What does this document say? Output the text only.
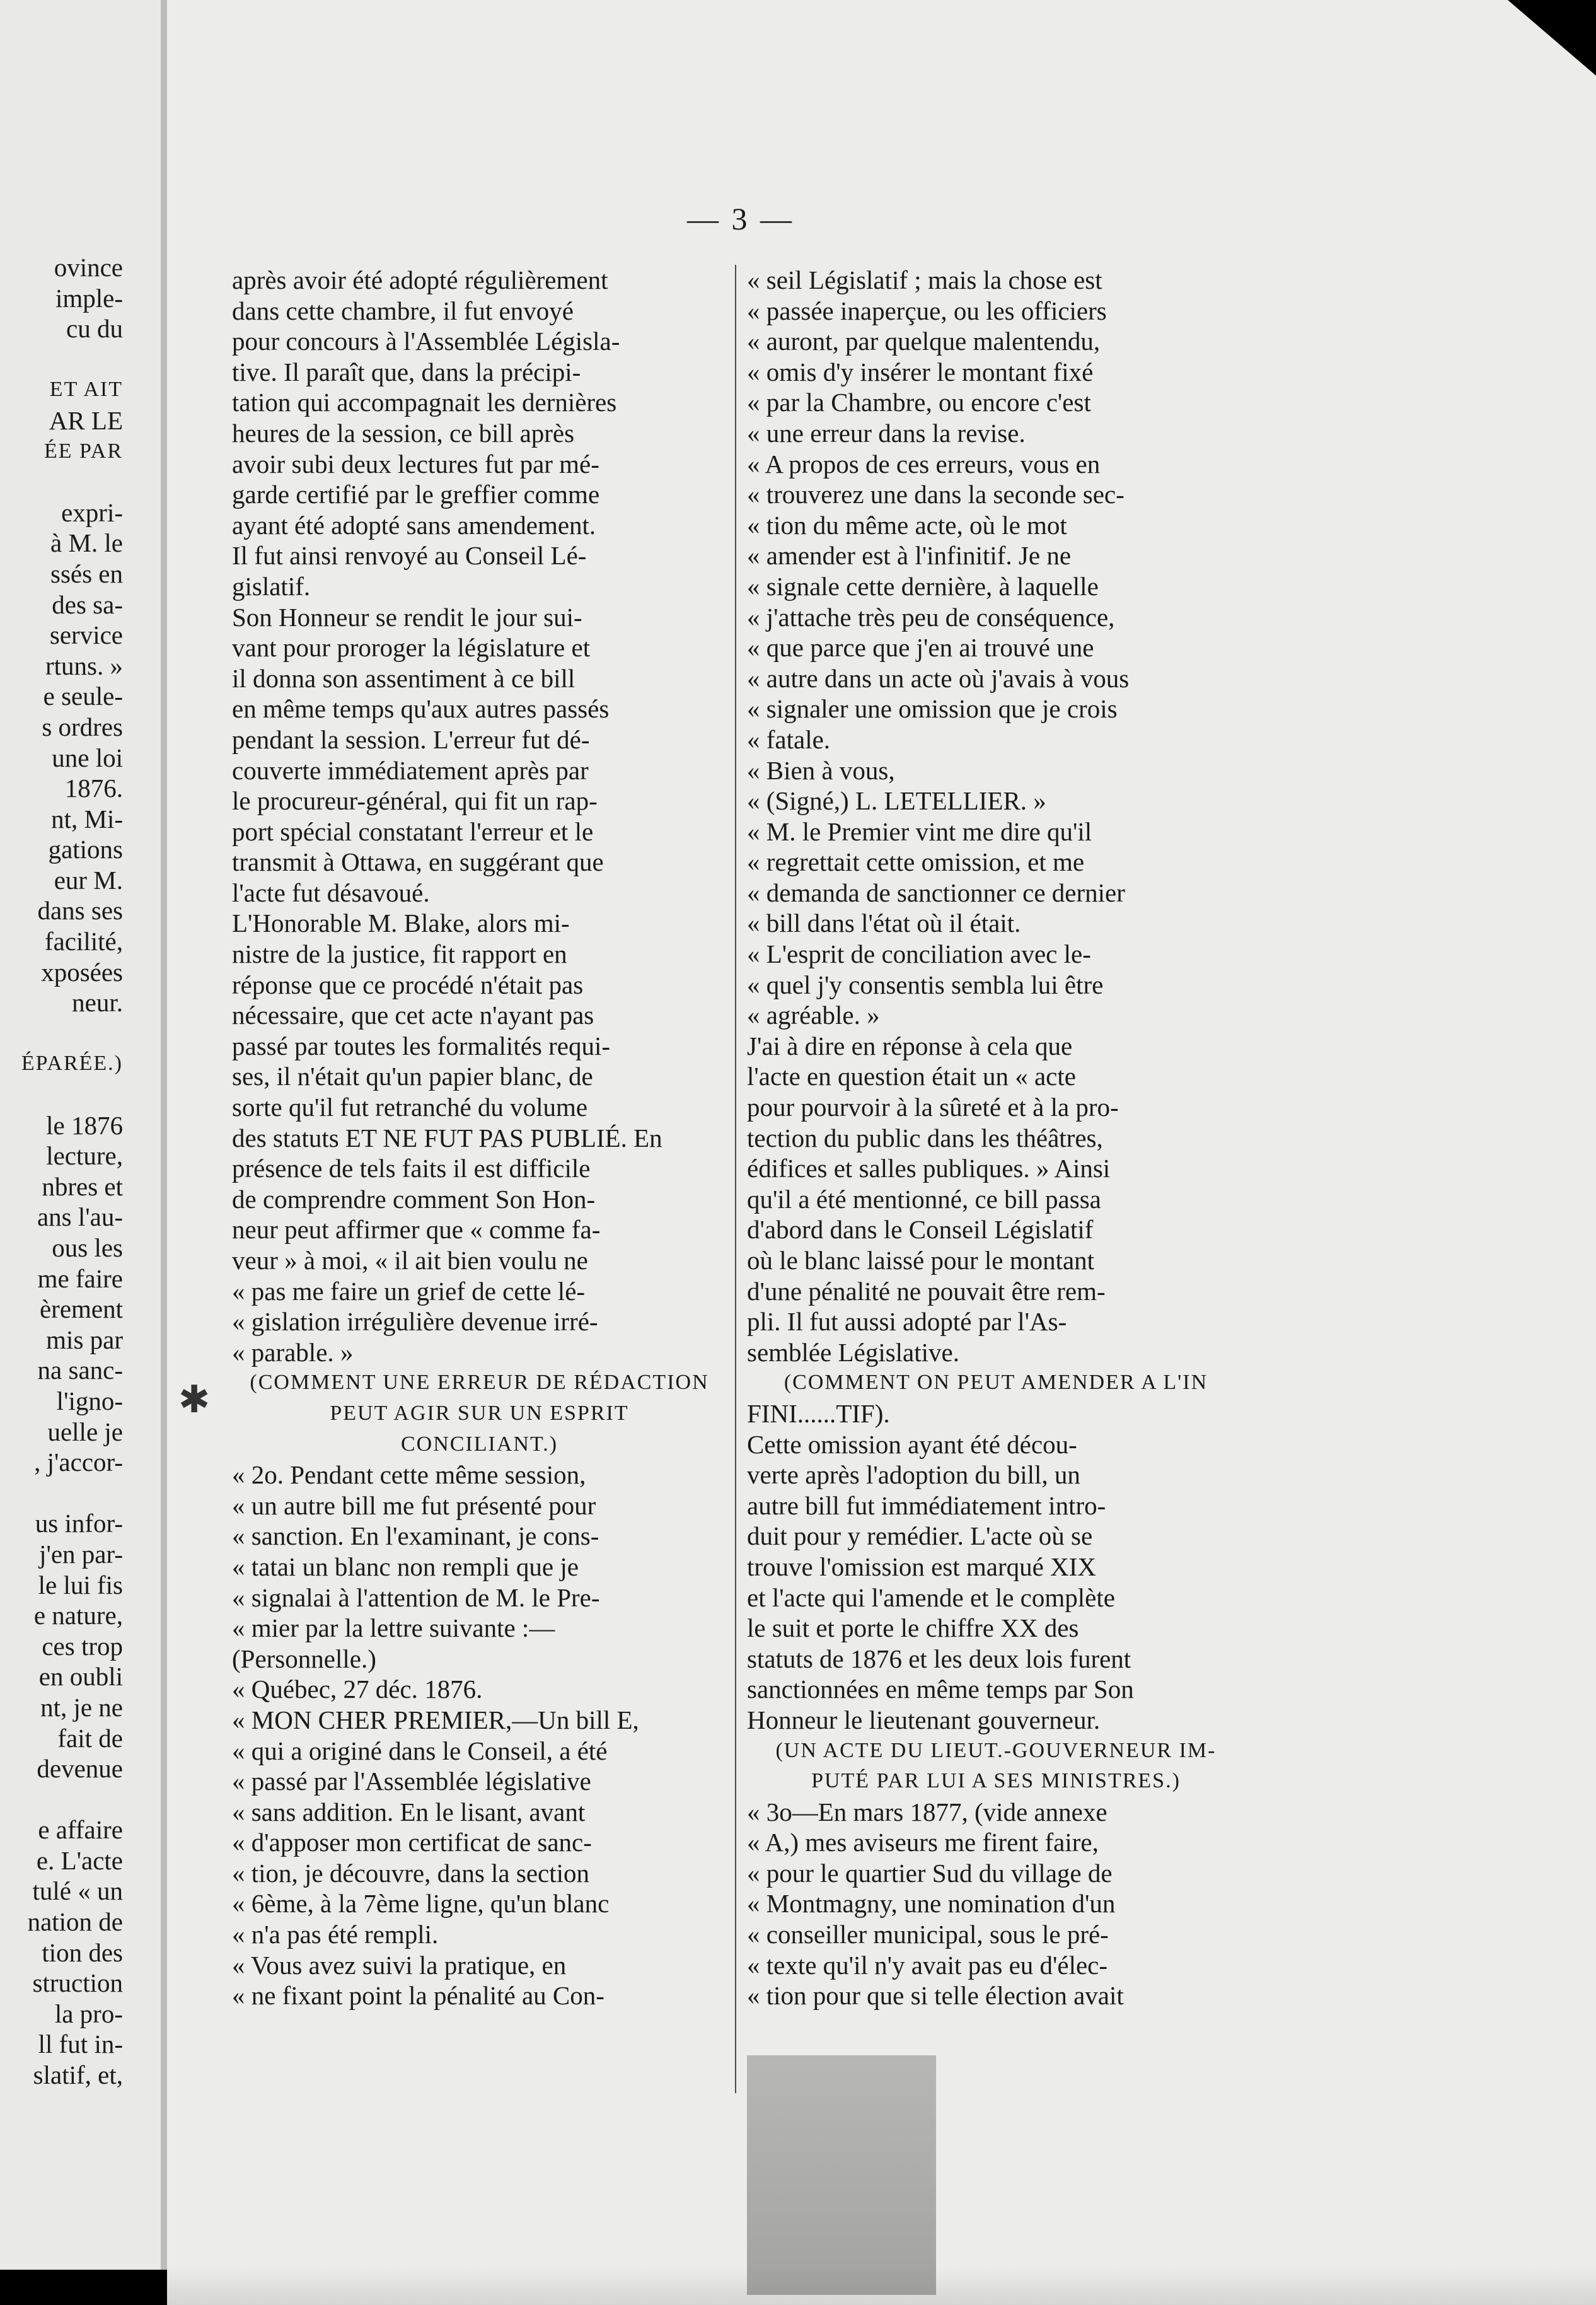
ovince
imple-
cu du

ET AIT
AR LE
ÉE PAR

expri-
à M. le
ssés en
des sa-
service
rtuns. »
e seule-
s ordres
une loi
1876.
nt, Mi-
gations
eur M.
dans ses
facilité,
xposées
neur.

ÉPARÉE.)

le 1876
lecture,
nbres et
ans l'au-
ous les
me faire
èrement
mis par
na sanc-
l'igno-
uelle je
, j'accor-

us infor-
j'en par-
le lui fis
e nature,
ces trop
en oubli
nt, je ne
fait de
devenue

e affaire
e. L'acte
tulé « un
nation de
tion des
struction
la pro-
ll fut in-
slatif, et,
— 3 —
après avoir été adopté régulièrement
dans cette chambre, il fut envoyé
pour concours à l'Assemblée Législa-
tive. Il paraît que, dans la précipi-
tation qui accompagnait les dernières
heures de la session, ce bill après
avoir subi deux lectures fut par mé-
garde certifié par le greffier comme
ayant été adopté sans amendement.
Il fut ainsi renvoyé au Conseil Lé-
gislatif.
Son Honneur se rendit le jour sui-
vant pour proroger la législature et
il donna son assentiment à ce bill
en même temps qu'aux autres passés
pendant la session. L'erreur fut dé-
couverte immédiatement après par
le procureur-général, qui fit un rap-
port spécial constatant l'erreur et le
transmit à Ottawa, en suggérant que
l'acte fut désavoué.
L'Honorable M. Blake, alors mi-
nistre de la justice, fit rapport en
réponse que ce procédé n'était pas
nécessaire, que cet acte n'ayant pas
passé par toutes les formalités requi-
ses, il n'était qu'un papier blanc, de
sorte qu'il fut retranché du volume
des statuts ET NE FUT PAS PUBLIÉ. En
présence de tels faits il est difficile
de comprendre comment Son Hon-
neur peut affirmer que « comme fa-
veur » à moi, « il ait bien voulu ne
« pas me faire un grief de cette lé-
« gislation irrégulière devenue irré-
« parable. »
(COMMENT UNE ERREUR DE RÉDACTION
PEUT AGIR SUR UN ESPRIT
CONCILIANT.)
« 2o. Pendant cette même session,
« un autre bill me fut présenté pour
« sanction. En l'examinant, je cons-
« tatai un blanc non rempli que je
« signalai à l'attention de M. le Pre-
« mier par la lettre suivante :—
(Personnelle.)
« Québec, 27 déc. 1876.
« MON CHER PREMIER,—Un bill E,
« qui a originé dans le Conseil, a été
« passé par l'Assemblée législative
« sans addition. En le lisant, avant
« d'apposer mon certificat de sanc-
« tion, je découvre, dans la section
« 6ème, à la 7ème ligne, qu'un blanc
« n'a pas été rempli.
« Vous avez suivi la pratique, en
« ne fixant point la pénalité au Con-
« seil Législatif ; mais la chose est
« passée inaperçue, ou les officiers
« auront, par quelque malentendu,
« omis d'y insérer le montant fixé
« par la Chambre, ou encore c'est
« une erreur dans la revise.
« A propos de ces erreurs, vous en
« trouverez une dans la seconde sec-
« tion du même acte, où le mot
« amender est à l'infinitif. Je ne
« signale cette dernière, à laquelle
« j'attache très peu de conséquence,
« que parce que j'en ai trouvé une
« autre dans un acte où j'avais à vous
« signaler une omission que je crois
« fatale.
« Bien à vous,
« (Signé,) L. LETELLIER. »
« M. le Premier vint me dire qu'il
« regrettait cette omission, et me
« demanda de sanctionner ce dernier
« bill dans l'état où il était.
« L'esprit de conciliation avec le-
« quel j'y consentis sembla lui être
« agréable. »
J'ai à dire en réponse à cela que
l'acte en question était un « acte
pour pourvoir à la sûreté et à la pro-
tection du public dans les théâtres,
édifices et salles publiques. » Ainsi
qu'il a été mentionné, ce bill passa
d'abord dans le Conseil Législatif
où le blanc laissé pour le montant
d'une pénalité ne pouvait être rem-
pli. Il fut aussi adopté par l'As-
semblée Législative.
(COMMENT ON PEUT AMENDER A L'IN
FINI......TIF).
Cette omission ayant été décou-
verte après l'adoption du bill, un
autre bill fut immédiatement intro-
duit pour y remédier. L'acte où se
trouve l'omission est marqué XIX
et l'acte qui l'amende et le complète
le suit et porte le chiffre XX des
statuts de 1876 et les deux lois furent
sanctionnées en même temps par Son
Honneur le lieutenant gouverneur.
(UN ACTE DU LIEUT.-GOUVERNEUR IM-
PUTÉ PAR LUI A SES MINISTRES.)
« 3o—En mars 1877, (vide annexe
« A,) mes aviseurs me firent faire,
« pour le quartier Sud du village de
« Montmagny, une nomination d'un
« conseiller municipal, sous le pré-
« texte qu'il n'y avait pas eu d'élec-
« tion pour que si telle élection avait
✱
